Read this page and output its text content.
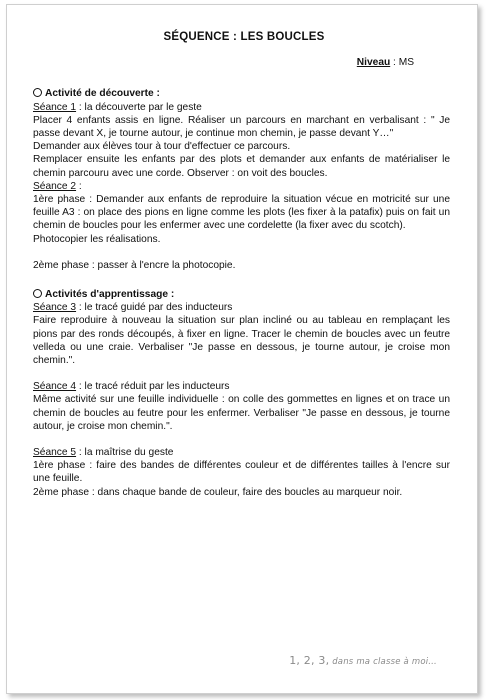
SÉQUENCE : LES BOUCLES
Niveau : MS
Activité de découverte :
Séance 1 : la découverte par le geste

Placer 4 enfants assis en ligne. Réaliser un parcours en marchant en verbalisant : " Je passe devant X, je tourne autour, je continue mon chemin, je passe devant Y…"

Demander aux élèves tour à tour d'effectuer ce parcours.

Remplacer ensuite les enfants par des plots et demander aux enfants de matérialiser le chemin parcouru avec une corde. Observer : on voit des boucles.

Séance 2 :

1ère phase : Demander aux enfants de reproduire la situation vécue en motricité sur une feuille A3 : on place des pions en ligne comme les plots (les fixer à la patafix) puis on fait un chemin de boucles pour les enfermer avec une cordelette (la fixer avec du scotch).

Photocopier les réalisations.

2ème phase : passer à l'encre la photocopie.

Activités d'apprentissage :
Séance 3 : le tracé guidé par des inducteurs

Faire reproduire à nouveau la situation sur plan incliné ou au tableau en remplaçant les pions par des ronds découpés, à fixer en ligne. Tracer le chemin de boucles avec un feutre velleda ou une craie. Verbaliser "Je passe en dessous, je tourne autour, je croise mon chemin.".

Séance 4 : le tracé réduit par les inducteurs

Même activité sur une feuille individuelle : on colle des gommettes en lignes et on trace un chemin de boucles au feutre pour les enfermer. Verbaliser "Je passe en dessous, je tourne autour, je croise mon chemin.".

Séance 5 : la maîtrise du geste

1ère phase : faire des bandes de différentes couleur et de différentes tailles à l'encre sur une feuille.

2ème phase : dans chaque bande de couleur, faire des boucles au marqueur noir.

1, 2, 3, dans ma classe à moi…
